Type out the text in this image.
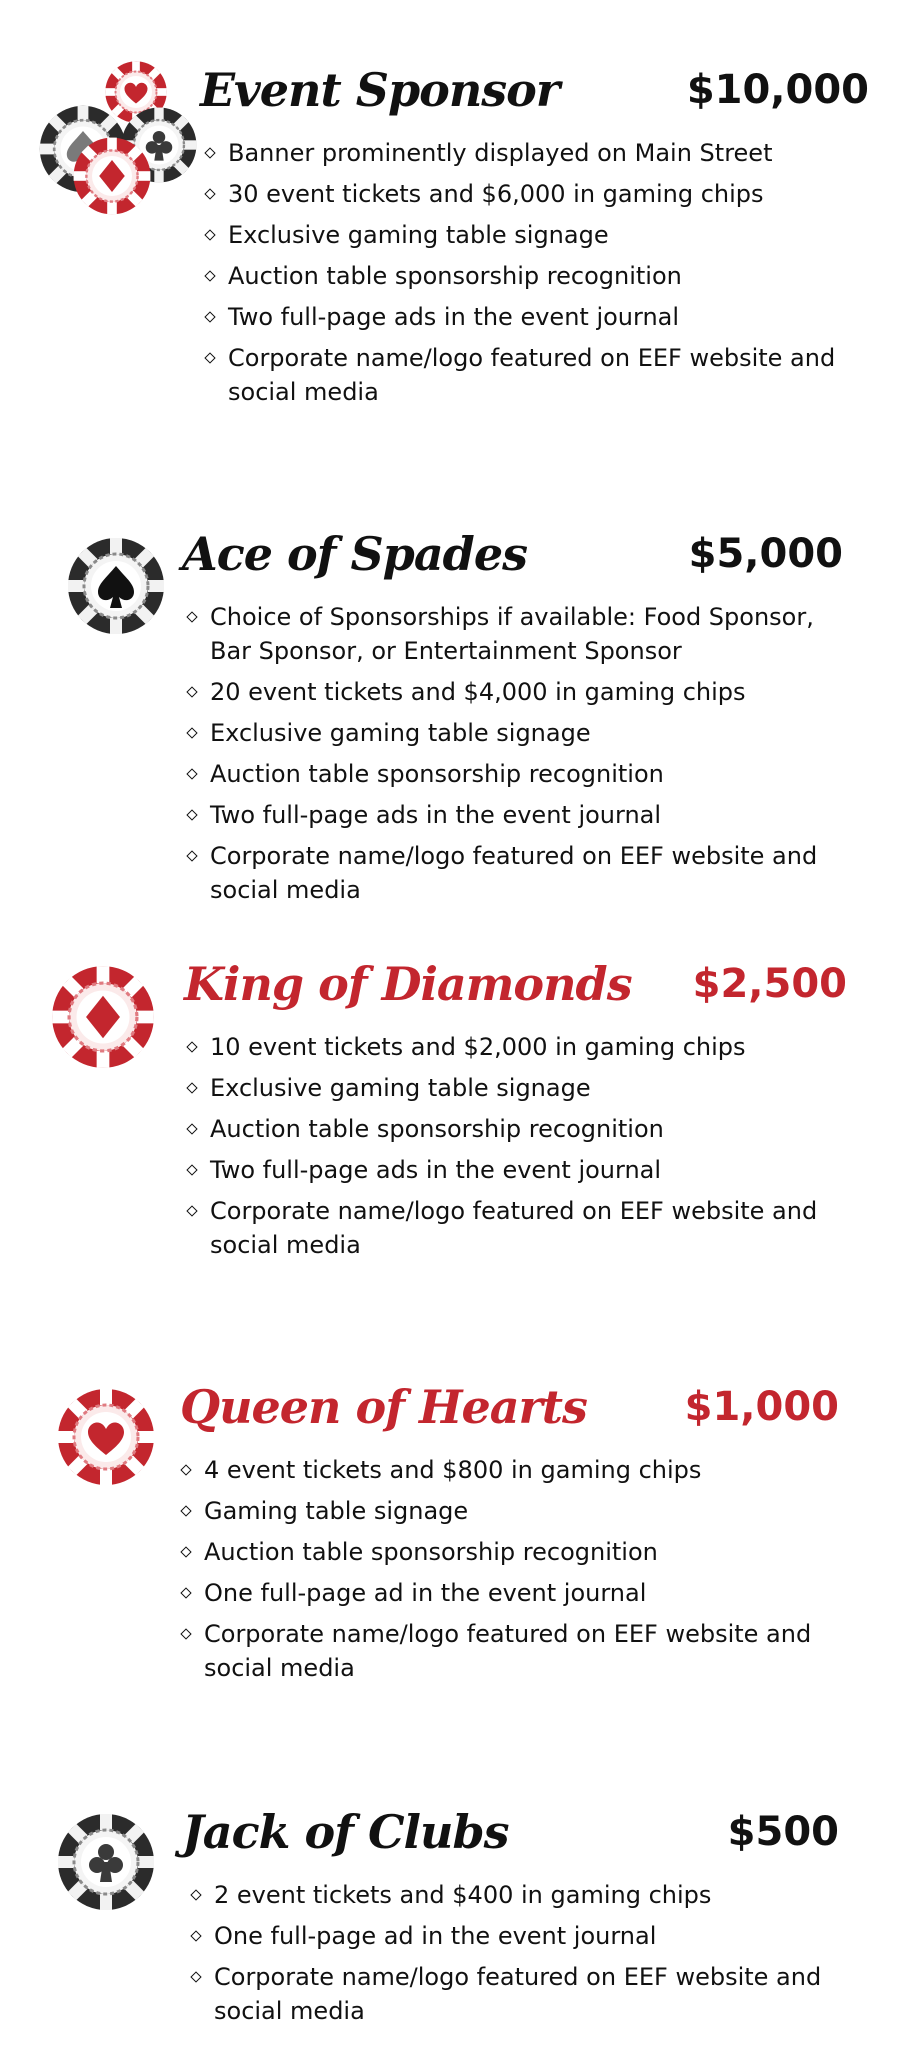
Event Sponsor	$10,000
Banner prominently displayed on Main Street
30 event tickets and $6,000 in gaming chips
Exclusive gaming table signage
Auction table sponsorship recognition
Two full-page ads in the event journal
Corporate name/logo featured on EEF website and social media
Ace of Spades	$5,000
Choice of Sponsorships if available: Food Sponsor, Bar Sponsor, or Entertainment Sponsor
20 event tickets and $4,000 in gaming chips
Exclusive gaming table signage
Auction table sponsorship recognition
Two full-page ads in the event journal
Corporate name/logo featured on EEF website and social media
King of Diamonds $2,500
10 event tickets and $2,000 in gaming chips
Exclusive gaming table signage
Auction table sponsorship recognition
Two full-page ads in the event journal
Corporate name/logo featured on EEF website and social media
Queen of Hearts $1,000
4 event tickets and $800 in gaming chips
Gaming table signage
Auction table sponsorship recognition
One full-page ad in the event journal
Corporate name/logo featured on EEF website and social media
Jack of Clubs	$500
2 event tickets and $400 in gaming chips
One full-page ad in the event journal
Corporate name/logo featured on EEF website and social media
